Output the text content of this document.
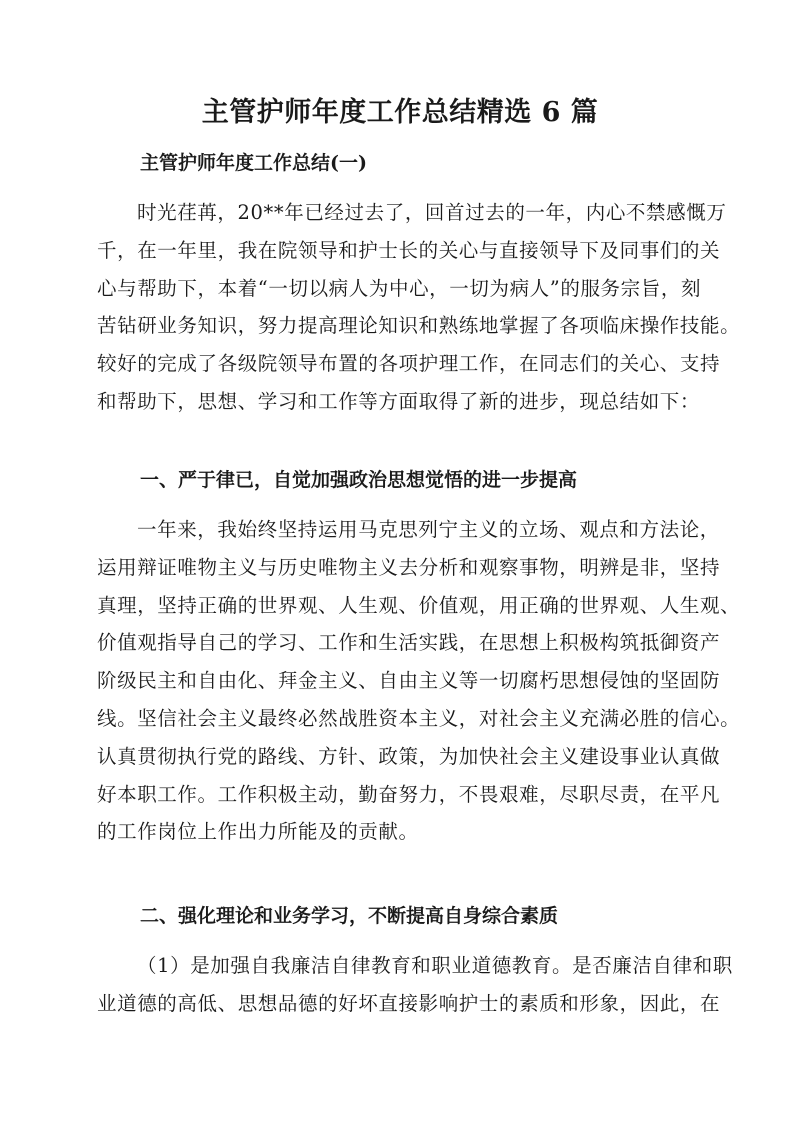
主管护师年度工作总结精选 6 篇
主管护师年度工作总结(一)
时光荏苒，20**年已经过去了，回首过去的一年，内心不禁感慨万
千，在一年里，我在院领导和护士长的关心与直接领导下及同事们的关
心与帮助下，本着“一切以病人为中心，一切为病人”的服务宗旨，刻
苦钻研业务知识，努力提高理论知识和熟练地掌握了各项临床操作技能。
较好的完成了各级院领导布置的各项护理工作，在同志们的关心、支持
和帮助下，思想、学习和工作等方面取得了新的进步，现总结如下：
一、严于律已，自觉加强政治思想觉悟的进一步提高
一年来，我始终坚持运用马克思列宁主义的立场、观点和方法论，
运用辩证唯物主义与历史唯物主义去分析和观察事物，明辨是非，坚持
真理，坚持正确的世界观、人生观、价值观，用正确的世界观、人生观、
价值观指导自己的学习、工作和生活实践，在思想上积极构筑抵御资产
阶级民主和自由化、拜金主义、自由主义等一切腐朽思想侵蚀的坚固防
线。坚信社会主义最终必然战胜资本主义，对社会主义充满必胜的信心。
认真贯彻执行党的路线、方针、政策，为加快社会主义建设事业认真做
好本职工作。工作积极主动，勤奋努力，不畏艰难，尽职尽责，在平凡
的工作岗位上作出力所能及的贡献。
二、强化理论和业务学习，不断提高自身综合素质
（1）是加强自我廉洁自律教育和职业道德教育。是否廉洁自律和职
业道德的高低、思想品德的好坏直接影响护士的素质和形象，因此，在
